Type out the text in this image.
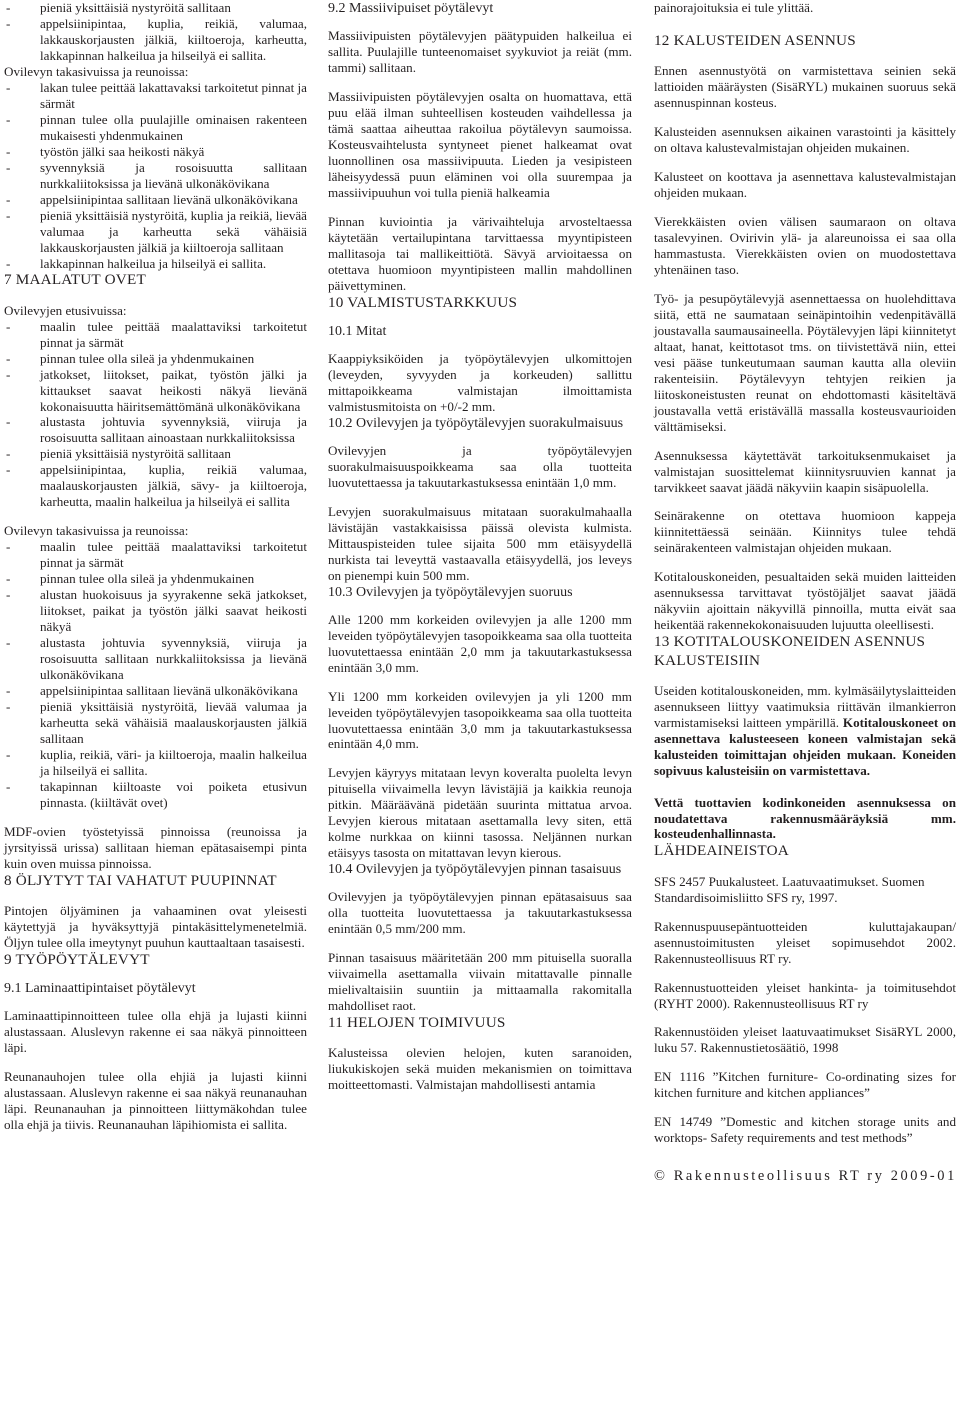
- pieniä yksittäisiä nystyröitä sallitaan
- appelsiinipintaa, kuplia, reikiä, valumaa, lakkauskorjausten jälkiä, kiiltoeroja, karheutta, lakkapinnan halkeilua ja hilseilyä ei sallita.

Ovilevyn takasivuissa ja reunoissa:

- lakan tulee peittää lakattavaksi tarkoitetut pinnat ja särmät
- pinnan tulee olla puulajille ominaisen rakenteen mukaisesti yhdenmukainen
- työstön jälki saa heikosti näkyä
- syvennyksiä ja rosoisuutta sallitaan nurkkaliitoksissa ja lievänä ulkonäkövikana
- appelsiinipintaa sallitaan lievänä ulkonäkövikana
- pieniä yksittäisiä nystyröitä, kuplia ja reikiä, lievää valumaa ja karheutta sekä vähäisiä lakkauskorjausten jälkiä ja kiiltoeroja sallitaan
- lakkapinnan halkeilua ja hilseilyä ei sallita.
7 MAALATUT OVET

Ovilevyjen etusivuissa:

- maalin tulee peittää maalattaviksi tarkoitetut pinnat ja särmät
- pinnan tulee olla sileä ja yhdenmukainen
- jatkokset, liitokset, paikat, työstön jälki ja kittaukset saavat heikosti näkyä lievänä kokonaisuutta häiritsemättömänä ulkonäkövikana
- alustasta johtuvia syvennyksiä, viiruja ja rosoisuutta sallitaan ainoastaan nurkkaliitoksissa
- pieniä yksittäisiä nystyröitä sallitaan
- appelsiinipintaa, kuplia, reikiä valumaa, maalauskorjausten jälkiä, sävy- ja kiiltoeroja, karheutta, maalin halkeilua ja hilseilyä ei sallita

Ovilevyn takasivuissa ja reunoissa:

- maalin tulee peittää maalattaviksi tarkoitetut pinnat ja särmät
- pinnan tulee olla sileä ja yhdenmukainen
- alustan huokoisuus ja syyrakenne sekä jatkokset, liitokset, paikat ja työstön jälki saavat heikosti näkyä
- alustasta johtuvia syvennyksiä, viiruja ja rosoisuutta sallitaan nurkkaliitoksissa ja lievänä ulkonäkövikana
- appelsiinipintaa sallitaan lievänä ulkonäkövikana
- pieniä yksittäisiä nystyröitä, lievää valumaa ja karheutta sekä vähäisiä maalauskorjausten jälkiä sallitaan
- kuplia, reikiä, väri- ja kiiltoeroja, maalin halkeilua ja hilseilyä ei sallita.
- takapinnan kiiltoaste voi poiketa etusivun pinnasta. (kiiltävät ovet)

MDF-ovien työstetyissä pinnoissa (reunoissa ja jyrsityissä urissa) sallitaan hieman epätasaisempi pinta kuin oven muissa pinnoissa.

8 ÖLJYTYT TAI VAHATUT PUUPINNAT

Pintojen öljyäminen ja vahaaminen ovat yleisesti käytettyjä ja hyväksyttyjä pintakäsittelymenetelmiä. Öljyn tulee olla imeytynyt puuhun kauttaaltaan tasaisesti.

9 TYÖPÖYTÄLEVYT
9.1 Laminaattipintaiset pöytälevyt

Laminaattipinnoitteen tulee olla ehjä ja lujasti kiinni alustassaan. Aluslevyn rakenne ei saa näkyä pinnoitteen läpi.

Reunanauhojen tulee olla ehjiä ja lujasti kiinni alustassaan. Aluslevyn rakenne ei saa näkyä reunanauhan läpi. Reunanauhan ja pinnoitteen liittymäkohdan tulee olla ehjä ja tiivis. Reunanauhan läpihiomista ei sallita.

9.2 Massiivipuiset pöytälevyt

Massiivipuisten pöytälevyjen päätypuiden halkeilua ei sallita. Puulajille tunteenomaiset syykuviot ja reiät (mm. tammi) sallitaan.

Massiivipuisten pöytälevyjen osalta on huomattava, että puu elää ilman suhteellisen kosteuden vaihdellessa ja tämä saattaa aiheuttaa rakoilua pöytälevyn saumoissa. Kosteusvaihtelusta syntyneet pienet halkeamat ovat luonnollinen osa massiivipuuta. Lieden ja vesipisteen läheisyydessä puun eläminen voi olla suurempaa ja massiivipuuhun voi tulla pieniä halkeamia

Pinnan kuviointia ja värivaihteluja arvosteltaessa käytetään vertailupintana tarvittaessa myyntipisteen mallitasoja tai mallikeittiötä. Sävyä arvioitaessa on otettava huomioon myyntipisteen mallin mahdollinen päivettyminen.

10 VALMISTUSTARKKUUS
10.1 Mitat

Kaappiyksiköiden ja työpöytälevyjen ulkomittojen (leveyden, syvyyden ja korkeuden) sallittu mittapoikkeama valmistajan ilmoittamista valmistusmitoista on +0/-2 mm.

10.2 Ovilevyjen ja työpöytälevyjen suorakulmaisuus

Ovilevyjen ja työpöytälevyjen suorakulmaisuuspoikkeama saa olla tuotteita luovutettaessa ja takuutarkastuksessa enintään 1,0 mm.

Levyjen suorakulmaisuus mitataan suorakulmahaalla lävistäjän vastakkaisissa päissä olevista kulmista. Mittauspisteiden tulee sijaita 500 mm etäisyydellä nurkista tai leveyttä vastaavalla etäisyydellä, jos leveys on pienempi kuin 500 mm.

10.3 Ovilevyjen ja työpöytälevyjen suoruus

Alle 1200 mm korkeiden ovilevyjen ja alle 1200 mm leveiden työpöytälevyjen tasopoikkeama saa olla tuotteita luovutettaessa enintään 2,0 mm ja takuutarkastuksessa enintään 3,0 mm.

Yli 1200 mm korkeiden ovilevyjen ja yli 1200 mm leveiden työpöytälevyjen tasopoikkeama saa olla tuotteita luovutettaessa enintään 3,0 mm ja takuutarkastuksessa enintään 4,0 mm.

Levyjen käyryys mitataan levyn koveralta puolelta levyn pituisella viivaimella levyn lävistäjiä ja kaikkia reunoja pitkin. Määräävänä pidetään suurinta mittatua arvoa. Levyjen kierous mitataan asettamalla levy siten, että kolme nurkkaa on kiinni tasossa. Neljännen nurkan etäisyys tasosta on mitattavan levyn kierous.

10.4 Ovilevyjen ja työpöytälevyjen pinnan tasaisuus

Ovilevyjen ja työpöytälevyjen pinnan epätasaisuus saa olla tuotteita luovutettaessa ja takuutarkastuksessa enintään 0,5 mm/200 mm.

Pinnan tasaisuus määritetään 200 mm pituisella suoralla viivaimella asettamalla viivain mitattavalle pinnalle mielivaltaisiin suuntiin ja mittaamalla rakomitalla mahdolliset raot.

11 HELOJEN TOIMIVUUS

Kalusteissa olevien helojen, kuten saranoiden, liukukiskojen sekä muiden mekanismien on toimittava moitteettomasti. Valmistajan mahdollisesti antamia

painorajoituksia ei tule ylittää.

12 KALUSTEIDEN ASENNUS

Ennen asennustyötä on varmistettava seinien sekä lattioiden määräysten (SisäRYL) mukainen suoruus sekä asennuspinnan kosteus.

Kalusteiden asennuksen aikainen varastointi ja käsittely on oltava kalustevalmistajan ohjeiden mukainen.

Kalusteet on koottava ja asennettava kalustevalmistajan ohjeiden mukaan.

Vierekkäisten ovien välisen saumaraon on oltava tasalevyinen. Ovirivin ylä- ja alareunoissa ei saa olla hammastusta. Vierekkäisten ovien on muodostettava yhtenäinen taso.

Työ- ja pesupöytälevyjä asennettaessa on huolehdittava siitä, että ne saumataan seinäpintoihin vedenpitävällä joustavalla saumausaineella. Pöytälevyjen läpi kiinnitetyt altaat, hanat, keittotasot tms. on tiivistettävä niin, ettei vesi pääse tunkeutumaan sauman kautta alla oleviin rakenteisiin. Pöytälevyyn tehtyjen reikien ja liitoskoneistusten reunat on ehdottomasti käsiteltävä joustavalla vettä eristävällä massalla kosteusvaurioiden välttämiseksi.

Asennuksessa käytettävät tarkoituksenmukaiset ja valmistajan suosittelemat kiinnitysruuvien kannat ja tarvikkeet saavat jäädä näkyviin kaapin sisäpuolella.

Seinärakenne on otettava huomioon kappeja kiinnitettäessä seinään. Kiinnitys tulee tehdä seinärakenteen valmistajan ohjeiden mukaan.

Kotitalouskoneiden, pesualtaiden sekä muiden laitteiden asennuksessa tarvittavat työstöjäljet saavat jäädä näkyviin ajoittain näkyvillä pinnoilla, mutta eivät saa heikentää rakennekokonaisuuden lujuutta oleellisesti.

13 KOTITALOUSKONEIDEN ASENNUS KALUSTEISIIN

Useiden kotitalouskoneiden, mm. kylmäsäilytyslaitteiden asennukseen liittyy vaatimuksia riittävän ilmankierron varmistamiseksi laitteen ympärillä. Kotitalouskoneet on asennettava kalusteeseen koneen valmistajan sekä kalusteiden toimittajan ohjeiden mukaan. Koneiden sopivuus kalusteisiin on varmistettava.

Vettä tuottavien kodinkoneiden asennuksessa on noudatettava rakennusmääräyksiä mm. kosteudenhallinnasta.

LÄHDEAINEISTOA

SFS 2457 Puukalusteet. Laatuvaatimukset. Suomen Standardisoimisliitto SFS ry, 1997.

Rakennuspuusepäntuotteiden kuluttajakaupan/ asennustoimitusten yleiset sopimusehdot 2002. Rakennusteollisuus RT ry.

Rakennustuotteiden yleiset hankinta- ja toimitusehdot (RYHT 2000). Rakennusteollisuus RT ry

Rakennustöiden yleiset laatuvaatimukset SisäRYL 2000, luku 57. Rakennustietosäätiö, 1998

EN 1116 ”Kitchen furniture- Co-ordinating sizes for kitchen furniture and kitchen appliances”

EN 14749 ”Domestic and kitchen storage units and worktops- Safety requirements and test methods”

© Rakennusteollisuus RT ry 2009-01
